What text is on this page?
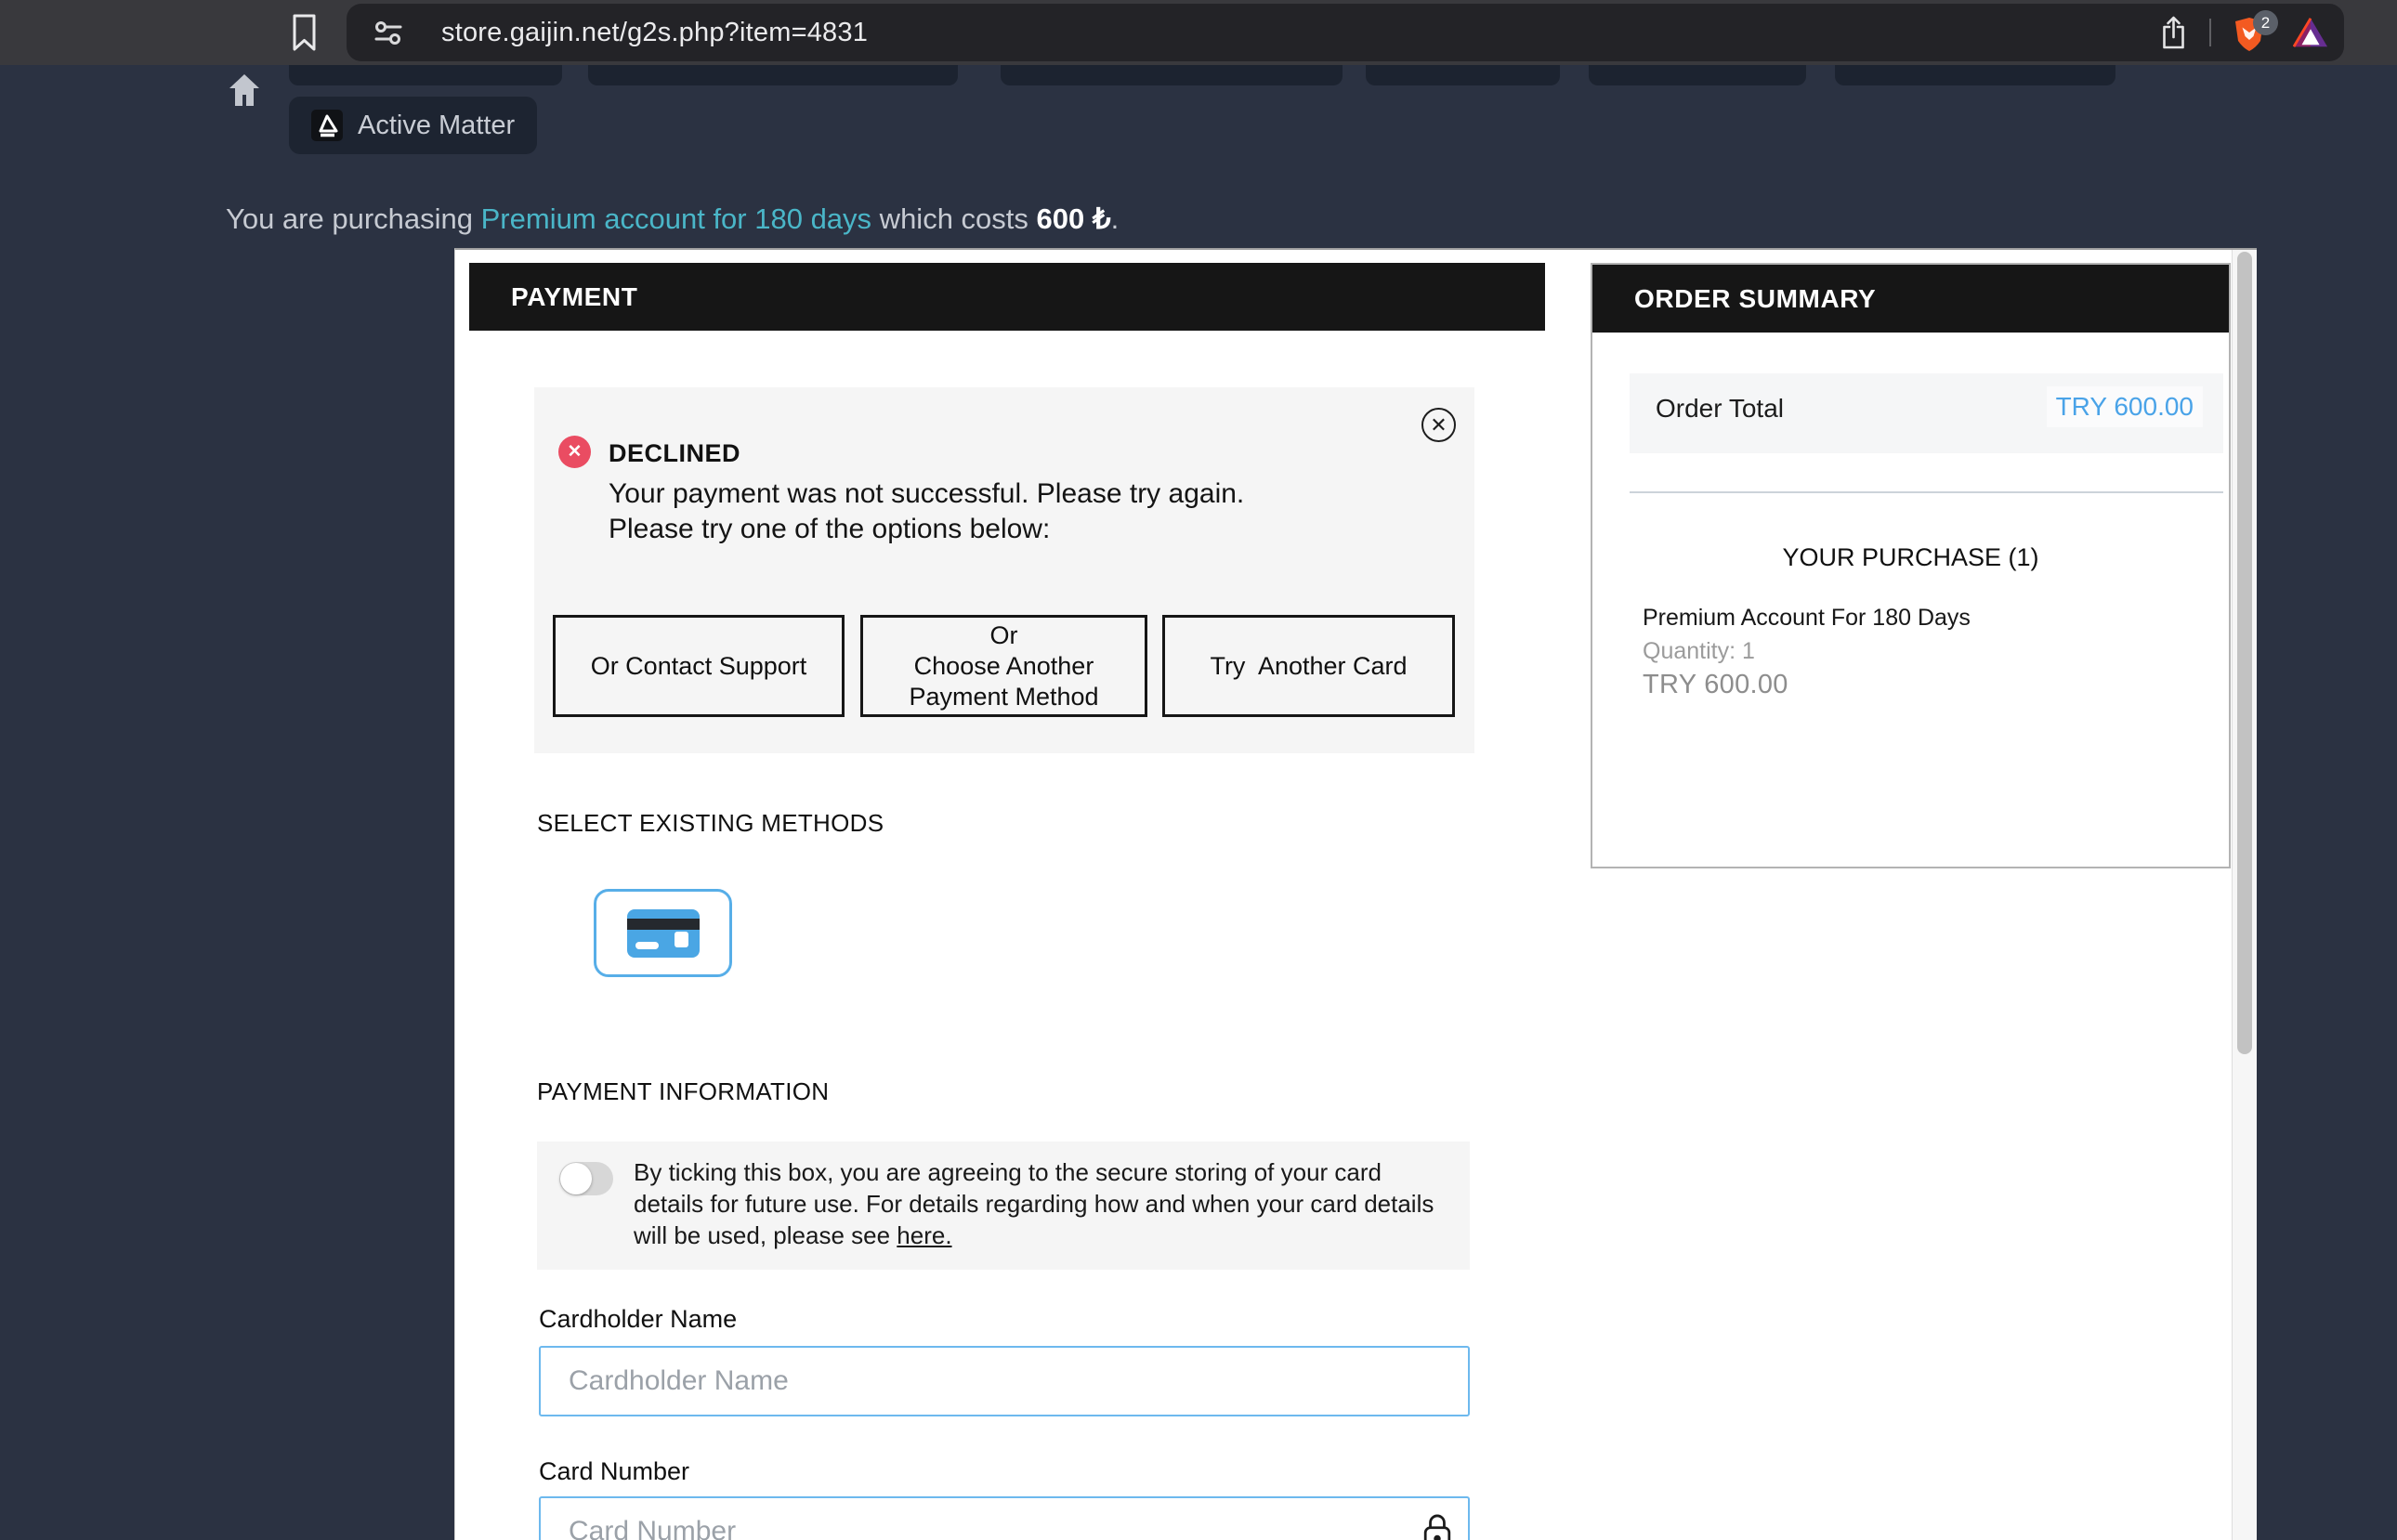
store.gaijin.net/g2s.php?item=4831	2
Active Matter

You are purchasing Premium account for 180 days which costs 600 ₺.

PAYMENT
✕
✕	DECLINED
Your payment was not successful. Please try again.
Please try one of the options below:
Or Contact Support
Or
Choose Another
Payment Method
Try  Another Card
SELECT EXISTING METHODS
PAYMENT INFORMATION

By ticking this box, you are agreeing to the secure storing of your card details for future use. For details regarding how and when your card details will be used, please see here.

Cardholder Name
Cardholder Name
Card Number
Card Number
ORDER SUMMARY
Order Total	TRY 600.00
YOUR PURCHASE (1)
Premium Account For 180 Days
Quantity: 1
TRY 600.00
